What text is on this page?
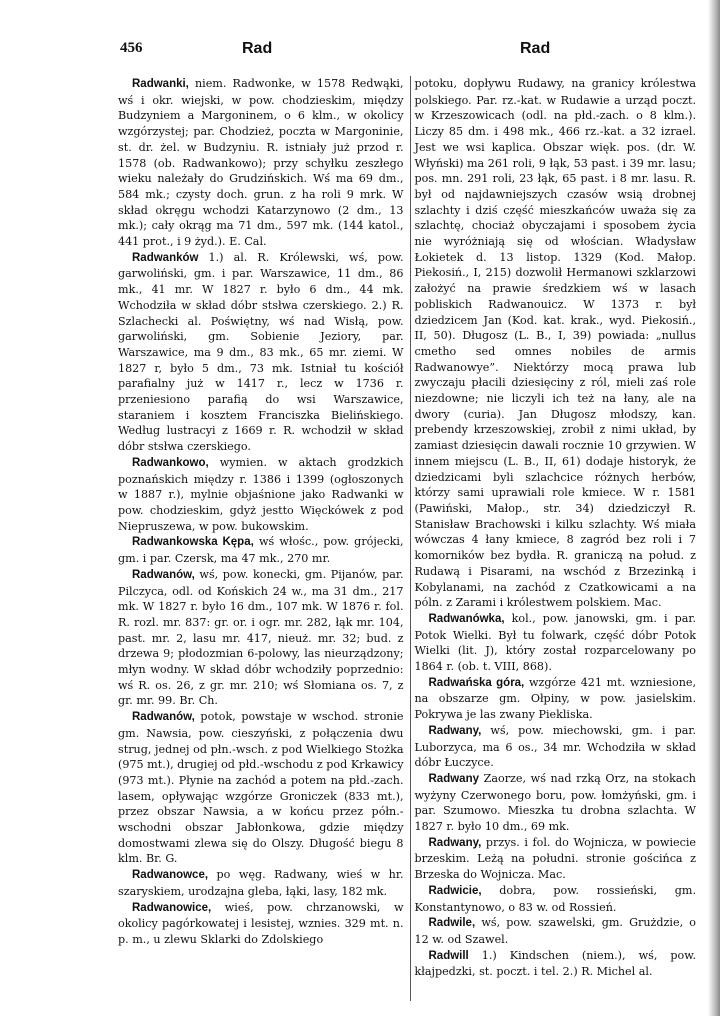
456	Rad	Rad

Radwanki, niem. Radwonke, w 1578 Redwąki, wś i okr. wiejski, w pow. chodzieskim, między Budzyniem a Margoninem, o 6 klm., w okolicy wzgórzystej; par. Chodzież, poczta w Margoninie, st. dr. żel. w Budzyniu. R. istniały już przod r. 1578 (ob. Radwankowo); przy schyłku zeszłego wieku należały do Grudzińskich. Wś ma 69 dm., 584 mk.; czysty doch. grun. z ha roli 9 mrk. W skład okręgu wchodzi Katarzynowo (2 dm., 13 mk.); cały okrąg ma 71 dm., 597 mk. (144 katol., 441 prot., i 9 żyd.). E. Cal.

Radwanków 1.) al. R. Królewski, wś, pow. garwoliński, gm. i par. Warszawice, 11 dm., 86 mk., 41 mr. W 1827 r. było 6 dm., 44 mk. Wchodziła w skład dóbr stsłwa czerskiego. 2.) R. Szlachecki al. Poświętny, wś nad Wisłą, pow. garwoliński, gm. Sobienie Jeziory, par. Warszawice, ma 9 dm., 83 mk., 65 mr. ziemi. W 1827 r, było 5 dm., 73 mk. Istniał tu kościół parafialny już w 1417 r., lecz w 1736 r. przeniesiono parafią do wsi Warszawice, staraniem i kosztem Franciszka Bielińskiego. Według lustracyi z 1669 r. R. wchodził w skład dóbr stsłwa czerskiego.

Radwankowo, wymien. w aktach grodzkich poznańskich między r. 1386 i 1399 (ogłoszonych w 1887 r.), mylnie objaśnione jako Radwanki w pow. chodzieskim, gdyż jestto Więckówek z pod Niepruszewa, w pow. bukowskim.

Radwankowska Kępa, wś włośc., pow. grójecki, gm. i par. Czersk, ma 47 mk., 270 mr.

Radwanów, wś, pow. konecki, gm. Pijanów, par. Pilczyca, odl. od Końskich 24 w., ma 31 dm., 217 mk. W 1827 r. było 16 dm., 107 mk. W 1876 r. fol. R. rozl. mr. 837: gr. or. i ogr. mr. 282, łąk mr. 104, past. mr. 2, lasu mr. 417, nieuż. mr. 32; bud. z drzewa 9; płodozmian 6-polowy, las nieurządzony; młyn wodny. W skład dóbr wchodziły poprzednio: wś R. os. 26, z gr. mr. 210; wś Słomiana os. 7, z gr. mr. 99. Br. Ch.

Radwanów, potok, powstaje w wschod. stronie gm. Nawsia, pow. cieszyński, z połączenia dwu strug, jednej od płn.-wsch. z pod Wielkiego Stożka (975 mt.), drugiej od płd.-wschodu z pod Krkawicy (973 mt.). Płynie na zachód a potem na płd.-zach. lasem, opływając wzgórze Groniczek (833 mt.), przez obszar Nawsia, a w końcu przez półn.-wschodni obszar Jabłonkowa, gdzie między domostwami zlewa się do Olszy. Długość biegu 8 klm. Br. G.

Radwanowce, po węg. Radwany, wieś w hr. szaryskiem, urodzajna gleba, łąki, lasy, 182 mk.

Radwanowice, wieś, pow. chrzanowski, w okolicy pagórkowatej i lesistej, wznies. 329 mt. n. p. m., u zlewu Sklarki do Zdolskiego

potoku, dopływu Rudawy, na granicy królestwa polskiego. Par. rz.-kat. w Rudawie a urząd poczt. w Krzeszowicach (odl. na płd.-zach. o 8 klm.). Liczy 85 dm. i 498 mk., 466 rz.-kat. a 32 izrael. Jest we wsi kaplica. Obszar więk. pos. (dr. W. Włyński) ma 261 roli, 9 łąk, 53 past. i 39 mr. lasu; pos. mn. 291 roli, 23 łąk, 65 past. i 8 mr. lasu. R. był od najdawniejszych czasów wsią drobnej szlachty i dziś część mieszkańców uważa się za szlachtę, chociaż obyczajami i sposobem życia nie wyróżniają się od włościan. Władysław Łokietek d. 13 listop. 1329 (Kod. Małop. Piekosiń., I, 215) dozwolił Hermanowi szklarzowi założyć na prawie średzkiem wś w lasach pobliskich Radwanouicz. W 1373 r. był dziedzicem Jan (Kod. kat. krak., wyd. Piekosiń., II, 50). Długosz (L. B., I, 39) powiada: „nullus cmetho sed omnes nobiles de armis Radwanowye”. Niektórzy mocą prawa lub zwyczaju płacili dziesięciny z ról, mieli zaś role niezdowne; nie liczyli ich też na łany, ale na dwory (curia). Jan Długosz młodszy, kan. prebendy krzeszowskiej, zrobił z nimi układ, by zamiast dziesięcin dawali rocznie 10 grzywien. W innem miejscu (L. B., II, 61) dodaje historyk, że dziedzicami byli szlachcice różnych herbów, którzy sami uprawiali role kmiece. W r. 1581 (Pawiński, Małop., str. 34) dziedziczył R. Stanisław Brachowski i kilku szlachty. Wś miała wówczas 4 łany kmiece, 8 zagród bez roli i 7 komorników bez bydła. R. graniczą na połud. z Rudawą i Pisarami, na wschód z Brzezinką i Kobylanami, na zachód z Czatkowicami a na póln. z Zarami i królestwem polskiem. Mac.

Radwanówka, kol., pow. janowski, gm. i par. Potok Wielki. Był tu folwark, część dóbr Potok Wielki (lit. J), który został rozparcelowany po 1864 r. (ob. t. VIII, 868).

Radwańska góra, wzgórze 421 mt. wzniesione, na obszarze gm. Ołpiny, w pow. jasielskim. Pokrywa je las zwany Piekliska.

Radwany, wś, pow. miechowski, gm. i par. Luborzyca, ma 6 os., 34 mr. Wchodziła w skład dóbr Łuczyce.

Radwany Zaorze, wś nad rzką Orz, na stokach wyżyny Czerwonego boru, pow. łomżyński, gm. i par. Szumowo. Mieszka tu drobna szlachta. W 1827 r. było 10 dm., 69 mk.

Radwany, przys. i fol. do Wojnicza, w powiecie brzeskim. Leżą na południ. stronie gościńca z Brzeska do Wojnicza. Mac.

Radwicie, dobra, pow. rossieński, gm. Konstantynowo, o 83 w. od Rossień.

Radwile, wś, pow. szawelski, gm. Grużdzie, o 12 w. od Szawel.

Radwill 1.) Kindschen (niem.), wś, pow. kłajpedzki, st. poczt. i tel. 2.) R. Michel al.
